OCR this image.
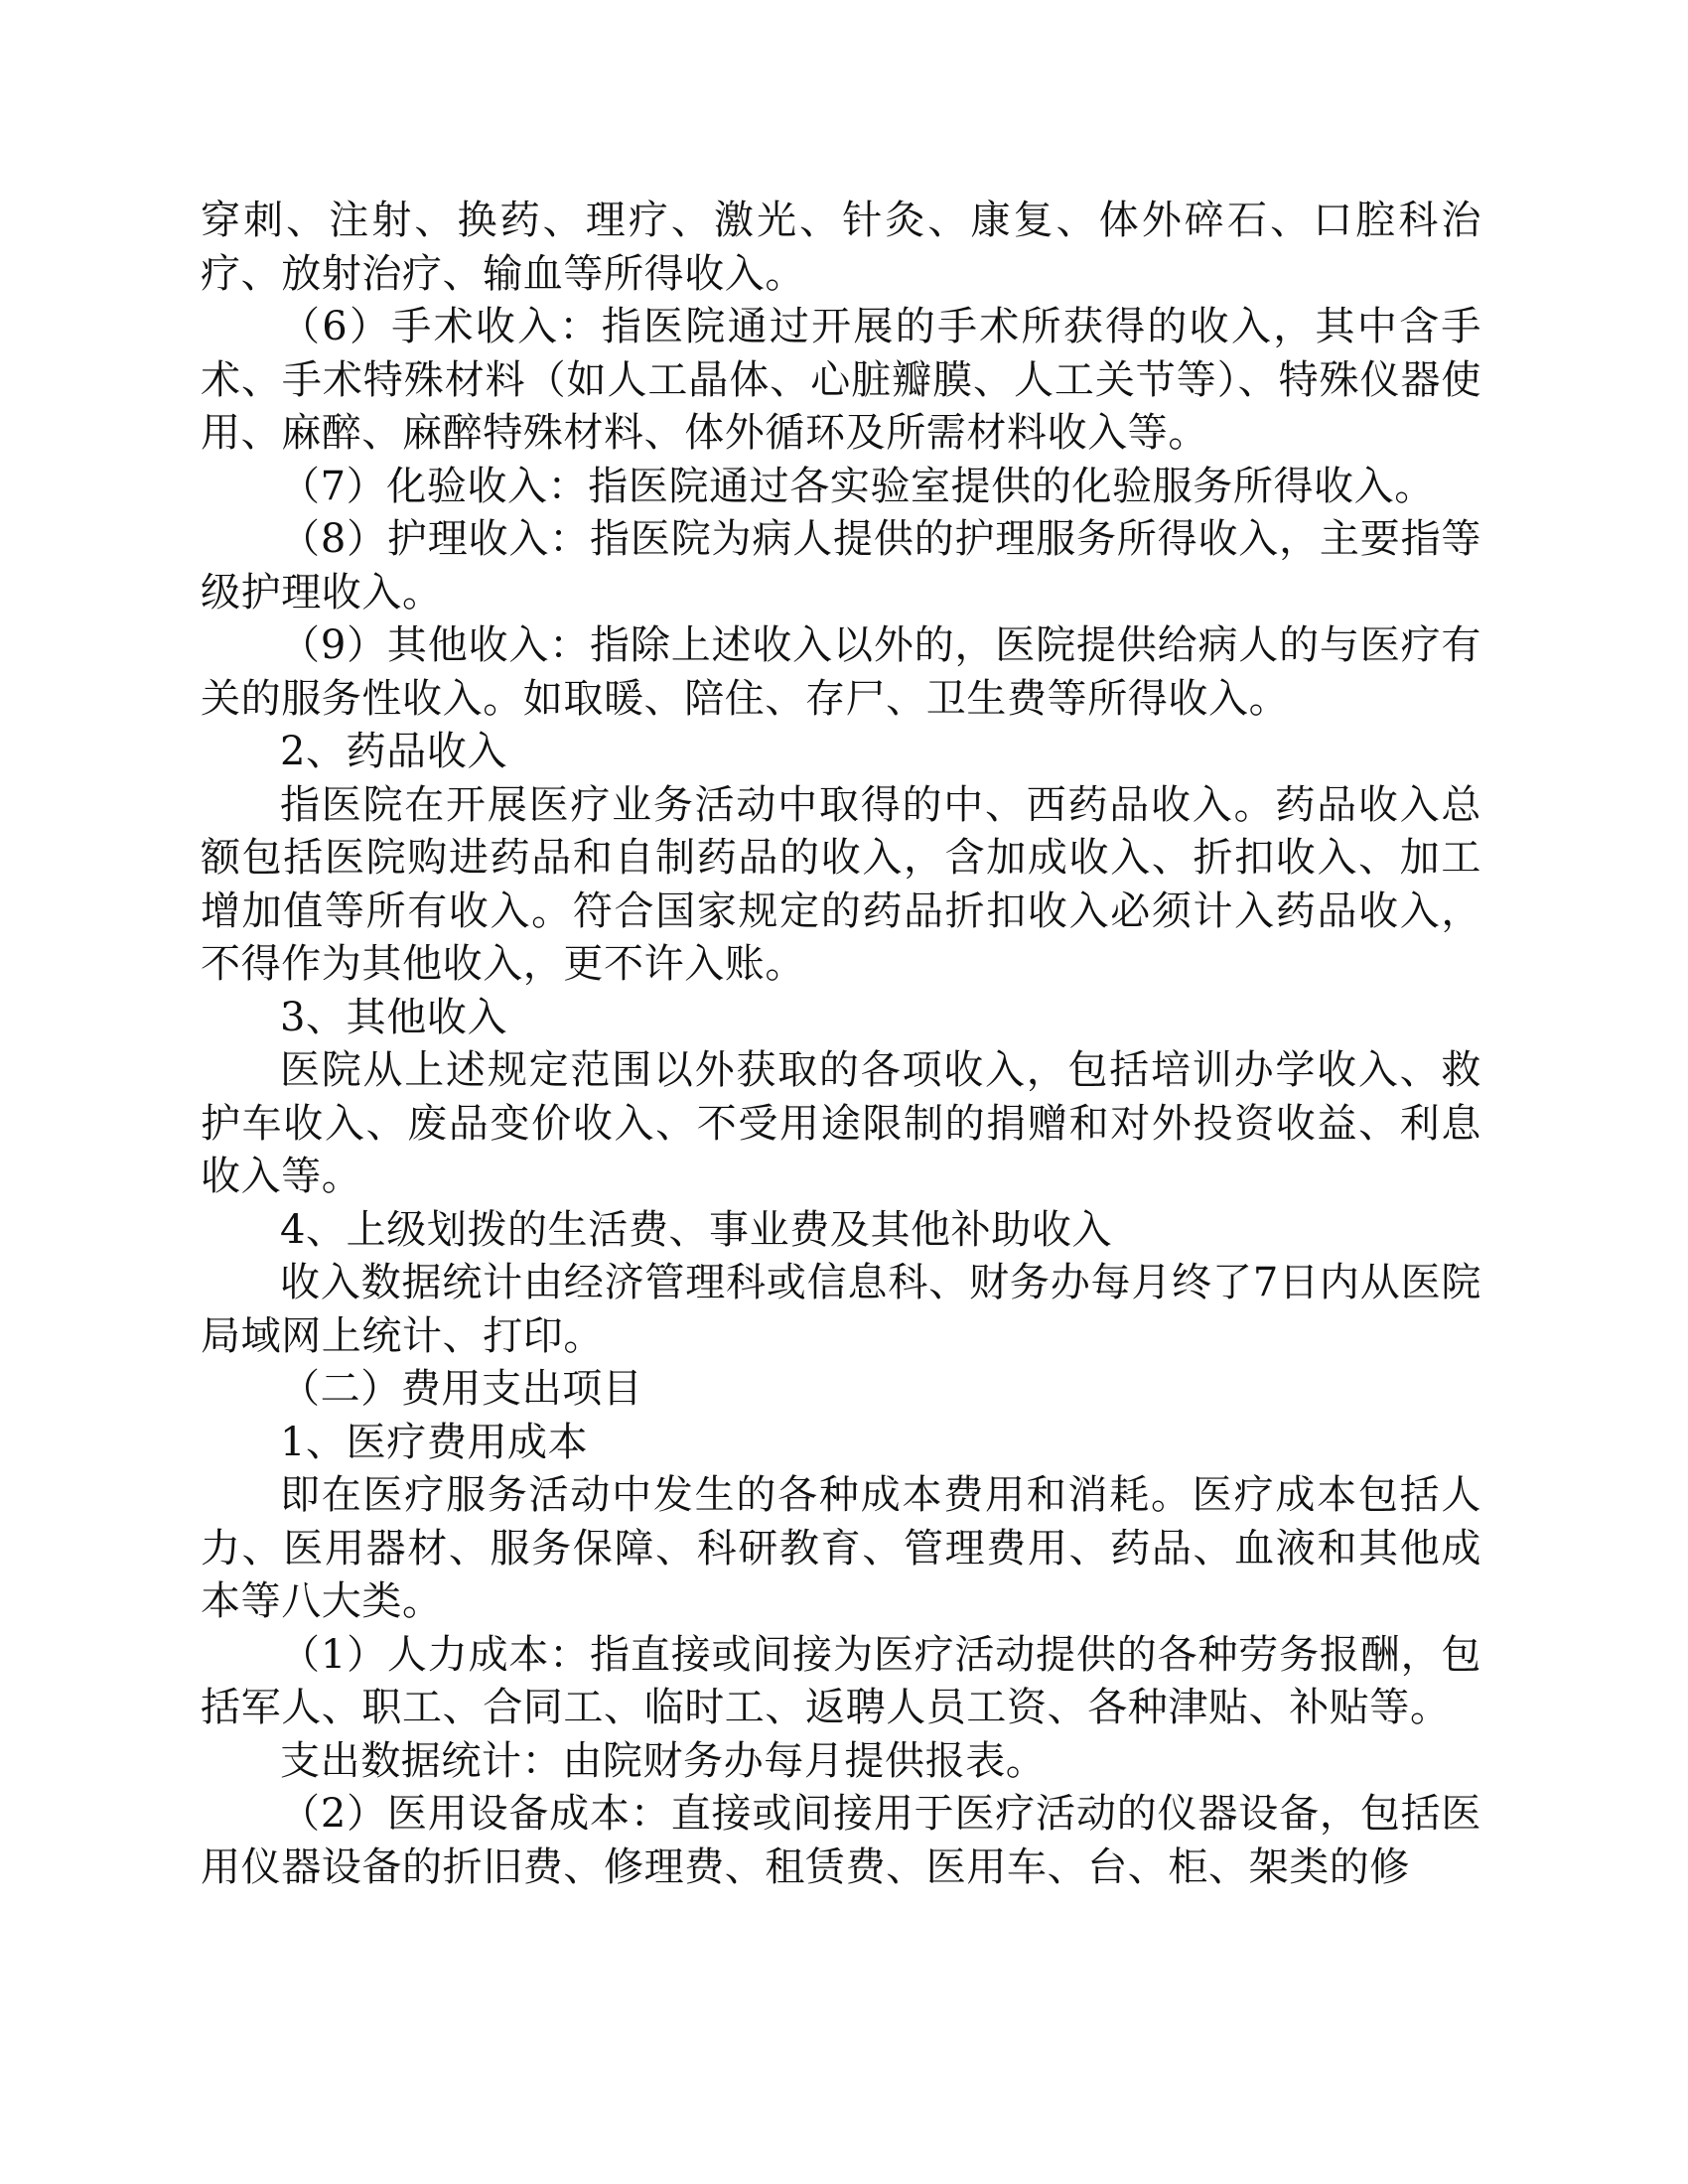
穿刺、注射、换药、理疗、激光、针灸、康复、体外碎石、口腔科治疗、放射治疗、输血等所得收入。

（6）手术收入：指医院通过开展的手术所获得的收入，其中含手术、手术特殊材料（如人工晶体、心脏瓣膜、人工关节等）、特殊仪器使用、麻醉、麻醉特殊材料、体外循环及所需材料收入等。

（7）化验收入：指医院通过各实验室提供的化验服务所得收入。

（8）护理收入：指医院为病人提供的护理服务所得收入，主要指等级护理收入。

（9）其他收入：指除上述收入以外的，医院提供给病人的与医疗有关的服务性收入。如取暖、陪住、存尸、卫生费等所得收入。

2、药品收入

指医院在开展医疗业务活动中取得的中、西药品收入。药品收入总额包括医院购进药品和自制药品的收入，含加成收入、折扣收入、加工增加值等所有收入。符合国家规定的药品折扣收入必须计入药品收入，不得作为其他收入，更不许入账。

3、其他收入

医院从上述规定范围以外获取的各项收入，包括培训办学收入、救护车收入、废品变价收入、不受用途限制的捐赠和对外投资收益、利息收入等。

4、上级划拨的生活费、事业费及其他补助收入

收入数据统计由经济管理科或信息科、财务办每月终了7日内从医院局域网上统计、打印。

（二）费用支出项目

1、医疗费用成本

即在医疗服务活动中发生的各种成本费用和消耗。医疗成本包括人力、医用器材、服务保障、科研教育、管理费用、药品、血液和其他成本等八大类。

（1）人力成本：指直接或间接为医疗活动提供的各种劳务报酬，包括军人、职工、合同工、临时工、返聘人员工资、各种津贴、补贴等。

支出数据统计：由院财务办每月提供报表。

（2）医用设备成本：直接或间接用于医疗活动的仪器设备，包括医用仪器设备的折旧费、修理费、租赁费、医用车、台、柜、架类的修
